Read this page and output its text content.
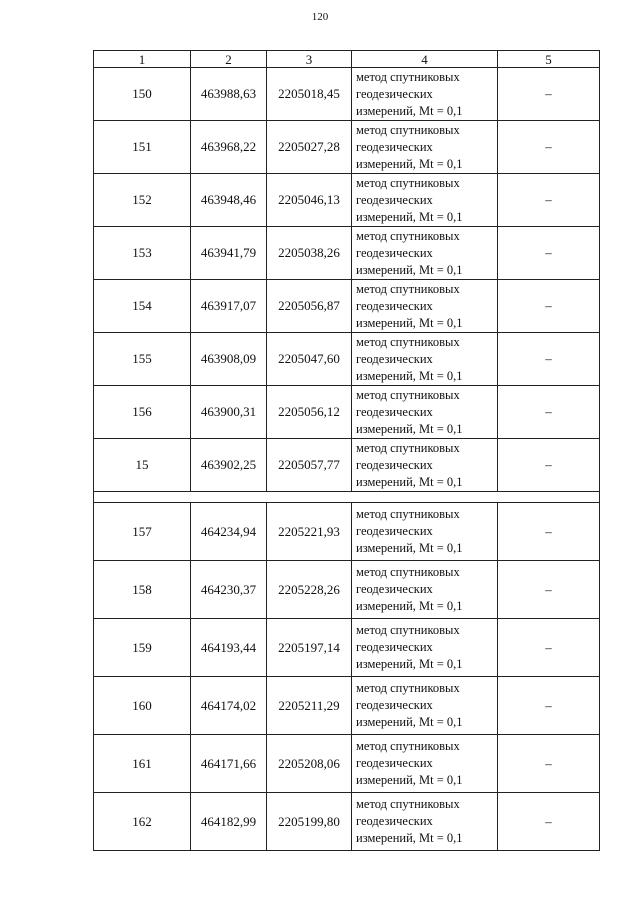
120
1	2	3	4	5
150	463988,63	2205018,45	метод спутниковых
геодезических
измерений, Mt = 0,1	–
151	463968,22	2205027,28	метод спутниковых
геодезических
измерений, Mt = 0,1	–
152	463948,46	2205046,13	метод спутниковых
геодезических
измерений, Mt = 0,1	–
153	463941,79	2205038,26	метод спутниковых
геодезических
измерений, Mt = 0,1	–
154	463917,07	2205056,87	метод спутниковых
геодезических
измерений, Mt = 0,1	–
155	463908,09	2205047,60	метод спутниковых
геодезических
измерений, Mt = 0,1	–
156	463900,31	2205056,12	метод спутниковых
геодезических
измерений, Mt = 0,1	–
15	463902,25	2205057,77	метод спутниковых
геодезических
измерений, Mt = 0,1	–

157	464234,94	2205221,93	метод спутниковых
геодезических
измерений, Mt = 0,1	–
158	464230,37	2205228,26	метод спутниковых
геодезических
измерений, Mt = 0,1	–
159	464193,44	2205197,14	метод спутниковых
геодезических
измерений, Mt = 0,1	–
160	464174,02	2205211,29	метод спутниковых
геодезических
измерений, Mt = 0,1	–
161	464171,66	2205208,06	метод спутниковых
геодезических
измерений, Mt = 0,1	–
162	464182,99	2205199,80	метод спутниковых
геодезических
измерений, Mt = 0,1	–
